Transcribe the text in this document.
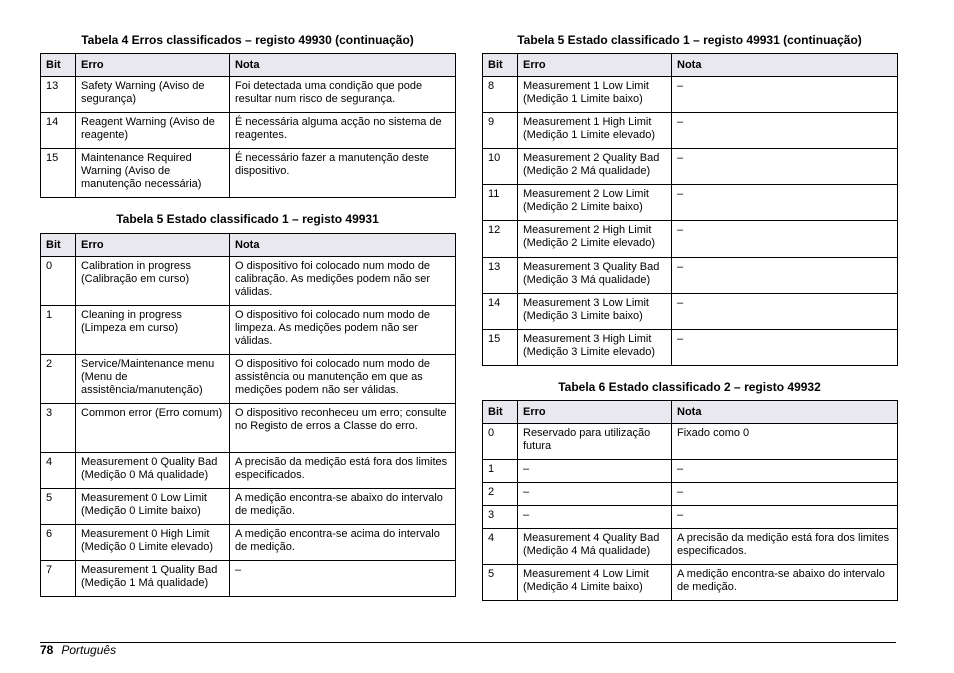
Tabela 4 Erros classificados – registo 49930 (continuação)
Bit	Erro	Nota
13	Safety Warning (Aviso de segurança)	Foi detectada uma condição que pode resultar num risco de segurança.
14	Reagent Warning (Aviso de reagente)	É necessária alguma acção no sistema de reagentes.
15	Maintenance Required Warning (Aviso de manutenção necessária)	É necessário fazer a manutenção deste dispositivo.
Tabela 5 Estado classificado 1 – registo 49931
Bit	Erro	Nota
0	Calibration in progress (Calibração em curso)	O dispositivo foi colocado num modo de calibração. As medições podem não ser válidas.
1	Cleaning in progress (Limpeza em curso)	O dispositivo foi colocado num modo de limpeza. As medições podem não ser válidas.
2	Service/Maintenance menu (Menu de assistência/manutenção)	O dispositivo foi colocado num modo de assistência ou manutenção em que as medições podem não ser válidas.
3	Common error (Erro comum)	O dispositivo reconheceu um erro; consulte no Registo de erros a Classe do erro.
4	Measurement 0 Quality Bad (Medição 0 Má qualidade)	A precisão da medição está fora dos limites especificados.
5	Measurement 0 Low Limit (Medição 0 Limite baixo)	A medição encontra-se abaixo do intervalo de medição.
6	Measurement 0 High Limit (Medição 0 Limite elevado)	A medição encontra-se acima do intervalo de medição.
7	Measurement 1 Quality Bad (Medição 1 Má qualidade)	–
Tabela 5 Estado classificado 1 – registo 49931 (continuação)
Bit	Erro	Nota
8	Measurement 1 Low Limit (Medição 1 Limite baixo)	–
9	Measurement 1 High Limit (Medição 1 Limite elevado)	–
10	Measurement 2 Quality Bad (Medição 2 Má qualidade)	–
11	Measurement 2 Low Limit (Medição 2 Limite baixo)	–
12	Measurement 2 High Limit (Medição 2 Limite elevado)	–
13	Measurement 3 Quality Bad (Medição 3 Má qualidade)	–
14	Measurement 3 Low Limit (Medição 3 Limite baixo)	–
15	Measurement 3 High Limit (Medição 3 Limite elevado)	–
Tabela 6 Estado classificado 2 – registo 49932
Bit	Erro	Nota
0	Reservado para utilização futura	Fixado como 0
1	–	–
2	–	–
3	–	–
4	Measurement 4 Quality Bad (Medição 4 Má qualidade)	A precisão da medição está fora dos limites especificados.
5	Measurement 4 Low Limit (Medição 4 Limite baixo)	A medição encontra-se abaixo do intervalo de medição.
78 Português
